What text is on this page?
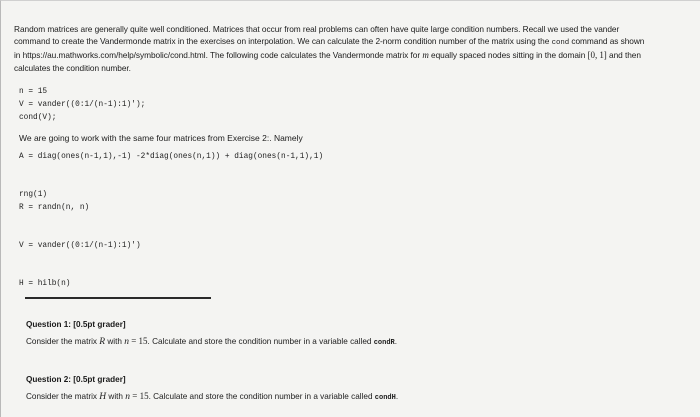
Random matrices are generally quite well conditioned. Matrices that occur from real problems can often have quite large condition numbers. Recall we used the vander
command to create the Vandermonde matrix in the exercises on interpolation. We can calculate the 2-norm condition number of the matrix using the cond command as shown
in https://au.mathworks.com/help/symbolic/cond.html. The following code calculates the Vandermonde matrix for m equally spaced nodes sitting in the domain [0, 1] and then
calculates the condition number.
n = 15
V = vander((0:1/(n-1):1)');
cond(V);
We are going to work with the same four matrices from Exercise 2:. Namely
A = diag(ones(n-1,1),-1) -2*diag(ones(n,1)) + diag(ones(n-1,1),1)
rng(1)
R = randn(n, n)
V = vander((0:1/(n-1):1)')
H = hilb(n)
Question 1: [0.5pt grader]
Consider the matrix R with n = 15. Calculate and store the condition number in a variable called condR.
Question 2: [0.5pt grader]
Consider the matrix H with n = 15. Calculate and store the condition number in a variable called condH.
